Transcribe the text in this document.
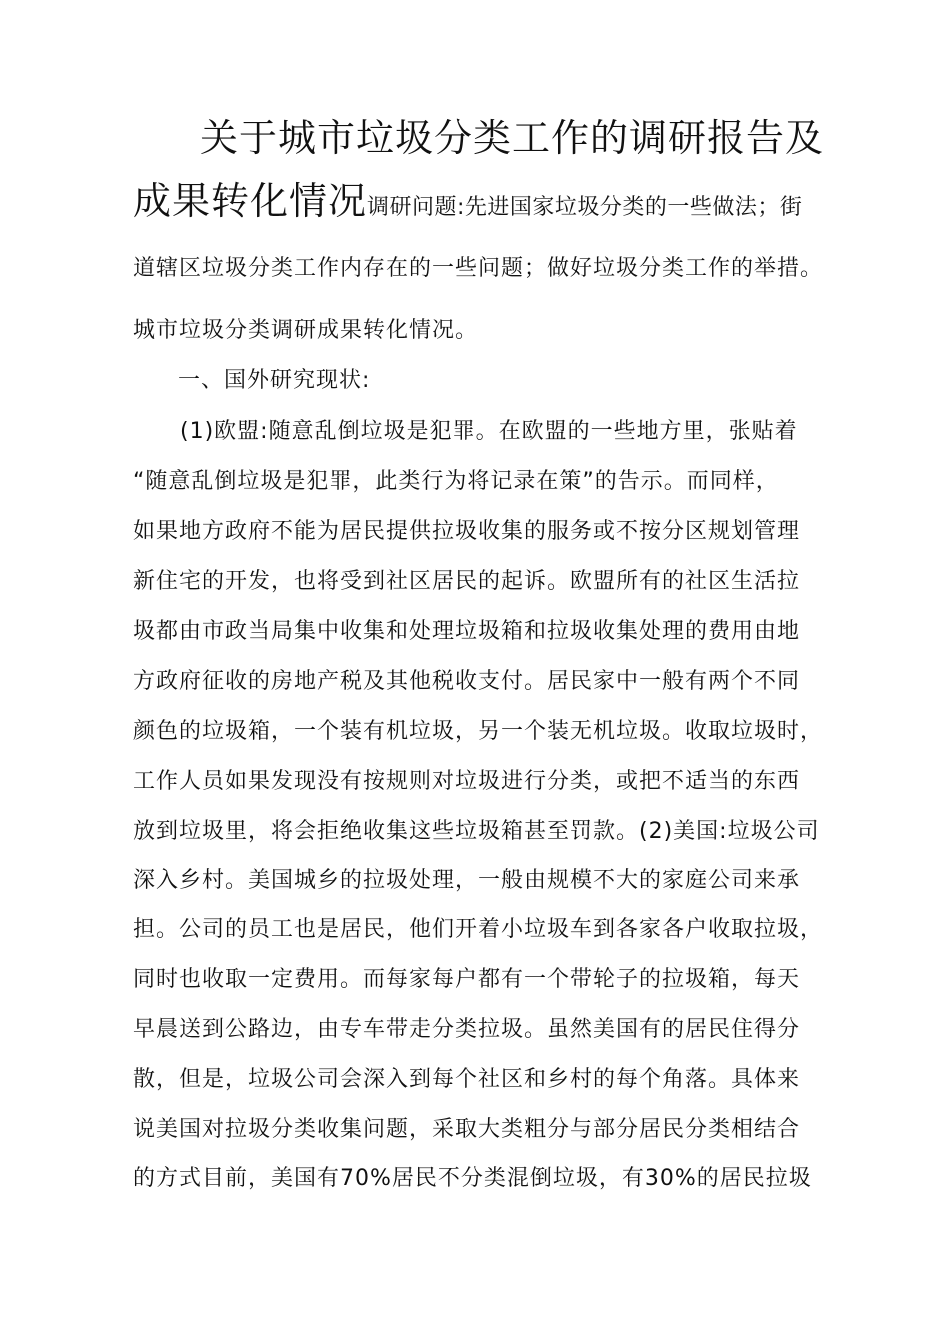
关于城市垃圾分类工作的调研报告及
成果转化情况调研问题:先进国家垃圾分类的一些做法；街
道辖区垃圾分类工作内存在的一些问题；做好垃圾分类工作的举措。
城市垃圾分类调研成果转化情况。
一、国外研究现状:
(1)欧盟:随意乱倒垃圾是犯罪。在欧盟的一些地方里，张贴着
“随意乱倒垃圾是犯罪，此类行为将记录在策”的告示。而同样，
如果地方政府不能为居民提供拉圾收集的服务或不按分区规划管理
新住宅的开发，也将受到社区居民的起诉。欧盟所有的社区生活拉
圾都由市政当局集中收集和处理垃圾箱和拉圾收集处理的费用由地
方政府征收的房地产税及其他税收支付。居民家中一般有两个不同
颜色的垃圾箱，一个装有机垃圾，另一个装无机垃圾。收取垃圾时，
工作人员如果发现没有按规则对垃圾进行分类，或把不适当的东西
放到垃圾里，将会拒绝收集这些垃圾箱甚至罚款。(2)美国:垃圾公司
深入乡村。美国城乡的拉圾处理，一般由规模不大的家庭公司来承
担。公司的员工也是居民，他们开着小垃圾车到各家各户收取拉圾，
同时也收取一定费用。而每家每户都有一个带轮子的拉圾箱，每天
早晨送到公路边，由专车带走分类拉圾。虽然美国有的居民住得分
散，但是，垃圾公司会深入到每个社区和乡村的每个角落。具体来
说美国对拉圾分类收集问题，采取大类粗分与部分居民分类相结合
的方式目前，美国有70%居民不分类混倒垃圾，有30%的居民拉圾
